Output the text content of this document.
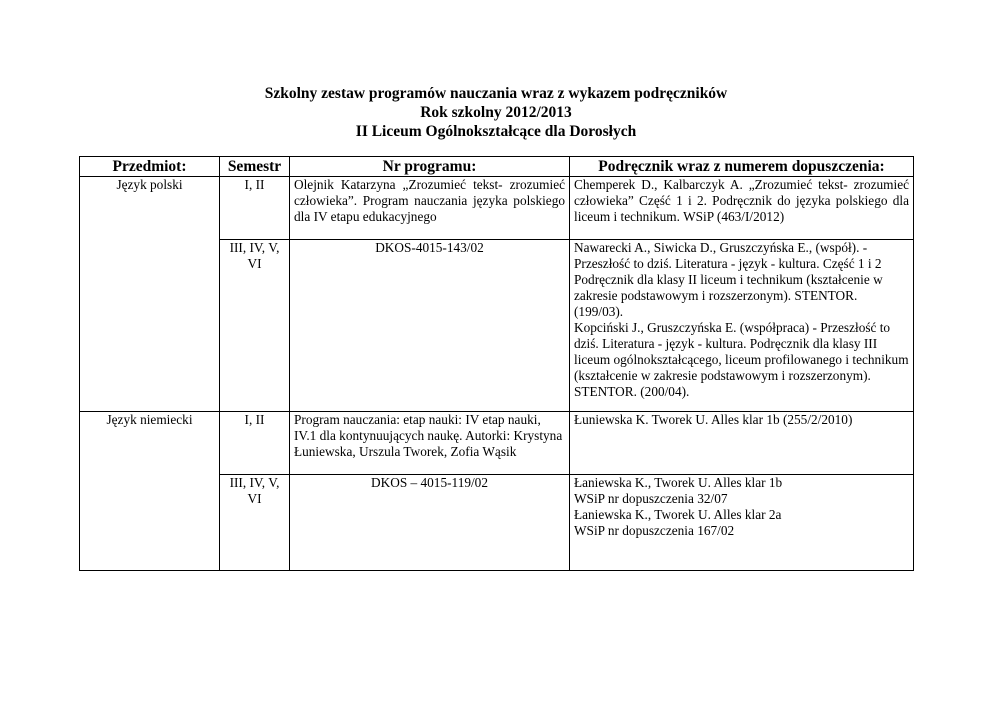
Szkolny zestaw programów nauczania wraz z wykazem podręczników
Rok szkolny 2012/2013
II Liceum Ogólnokształcące dla Dorosłych
Przedmiot:	Semestr	Nr programu:	Podręcznik wraz z numerem dopuszczenia:
Język polski	I, II	Olejnik Katarzyna „Zrozumieć tekst- zrozumieć człowieka”. Program nauczania języka polskiego dla IV etapu edukacyjnego	Chemperek D., Kalbarczyk A. „Zrozumieć tekst- zrozumieć człowieka” Część 1 i 2. Podręcznik do języka polskiego dla liceum i technikum. WSiP (463/I/2012)
	III, IV, V, VI	DKOS-4015-143/02	Nawarecki A., Siwicka D., Gruszczyńska E., (współ). - Przeszłość to dziś. Literatura - język - kultura. Część 1 i 2 Podręcznik dla klasy II liceum i technikum (kształcenie w zakresie podstawowym i rozszerzonym). STENTOR. (199/03).
Kopciński J., Gruszczyńska E. (współpraca) - Przeszłość to dziś. Literatura - język - kultura. Podręcznik dla klasy III liceum ogólnokształcącego, liceum profilowanego i technikum (kształcenie w zakresie podstawowym i rozszerzonym). STENTOR. (200/04).
Język niemiecki	I, II	Program nauczania: etap nauki: IV etap nauki, IV.1 dla kontynuujących naukę. Autorki: Krystyna Łuniewska, Urszula Tworek, Zofia Wąsik	Łuniewska K. Tworek U. Alles klar 1b (255/2/2010)
	III, IV, V, VI	DKOS – 4015-119/02	Łaniewska K., Tworek U. Alles klar 1b
WSiP nr dopuszczenia 32/07
Łaniewska K., Tworek U. Alles klar 2a
WSiP nr dopuszczenia 167/02
